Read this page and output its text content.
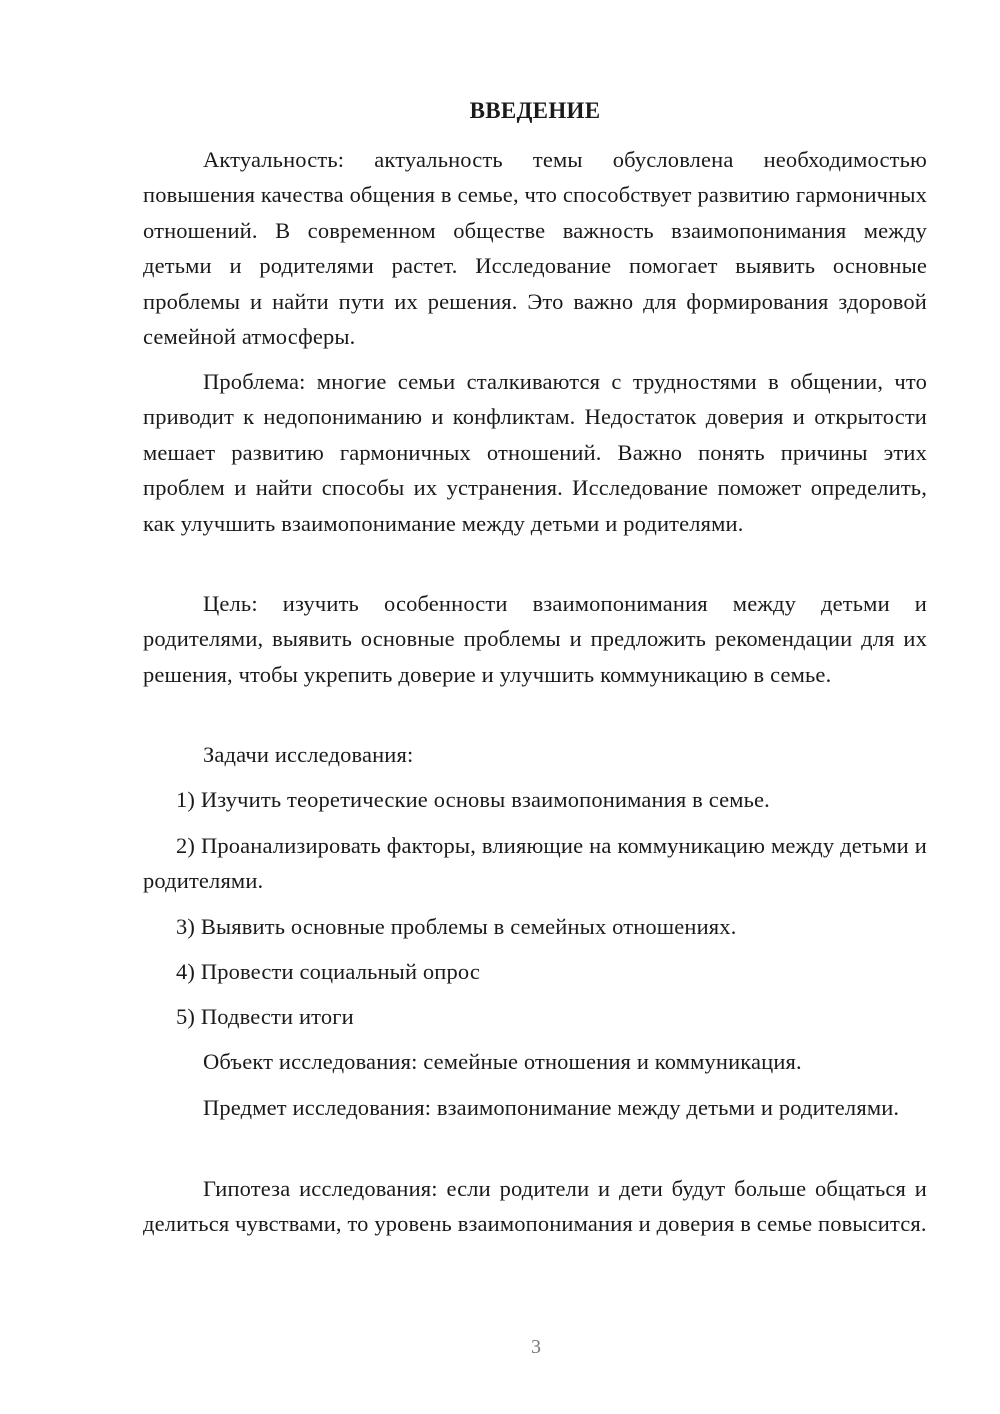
ВВЕДЕНИЕ

Актуальность: актуальность темы обусловлена необходимостью повышения качества общения в семье, что способствует развитию гармоничных отношений. В современном обществе важность взаимопонимания между детьми и родителями растет. Исследование помогает выявить основные проблемы и найти пути их решения. Это важно для формирования здоровой семейной атмосферы.

Проблема: многие семьи сталкиваются с трудностями в общении, что приводит к недопониманию и конфликтам. Недостаток доверия и открытости мешает развитию гармоничных отношений. Важно понять причины этих проблем и найти способы их устранения. Исследование поможет определить, как улучшить взаимопонимание между детьми и родителями.

Цель: изучить особенности взаимопонимания между детьми и родителями, выявить основные проблемы и предложить рекомендации для их решения, чтобы укрепить доверие и улучшить коммуникацию в семье.

Задачи исследования:

1) Изучить теоретические основы взаимопонимания в семье.

2) Проанализировать факторы, влияющие на коммуникацию между детьми и родителями.

3) Выявить основные проблемы в семейных отношениях.

4) Провести социальный опрос

5) Подвести итоги

Объект исследования: семейные отношения и коммуникация.

Предмет исследования: взаимопонимание между детьми и родителями.

Гипотеза исследования: если родители и дети будут больше общаться и делиться чувствами, то уровень взаимопонимания и доверия в семье повысится.

3
